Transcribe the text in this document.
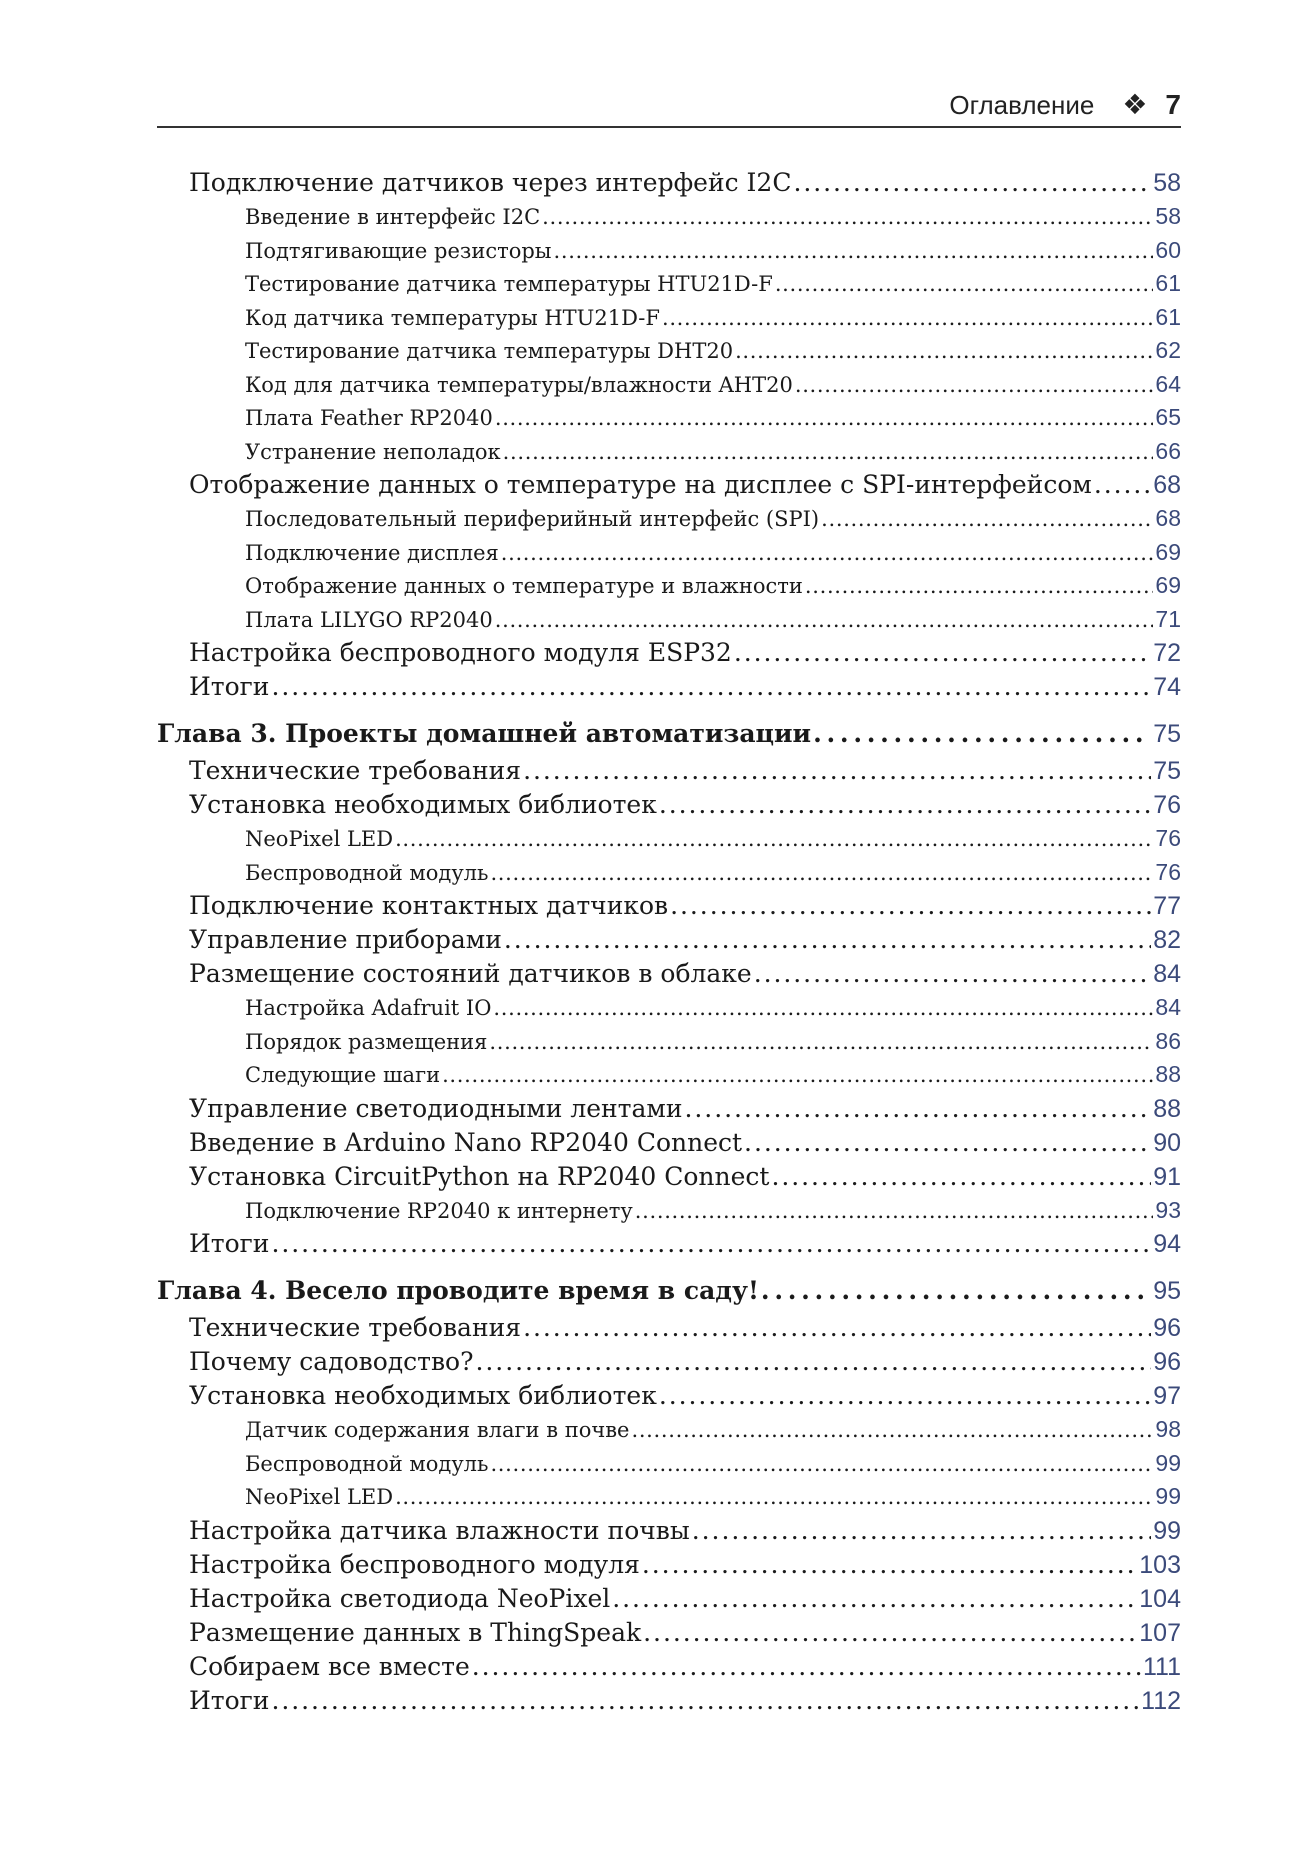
Оглавление ❖ 7
Подключение датчиков через интерфейс I2C . . .	58
Введение в интерфейс I2C . . .	58
Подтягивающие резисторы . . .	60
Тестирование датчика температуры HTU21D-F . . .	61
Код датчика температуры HTU21D-F . . .	61
Тестирование датчика температуры DHT20 . . .	62
Код для датчика температуры/влажности AHT20 . . .	64
Плата Feather RP2040 . . .	65
Устранение неполадок . . .	66
Отображение данных о температуре на дисплее с SPI-интерфейсом . . . 68
Последовательный периферийный интерфейс (SPI) . . .	68
Подключение дисплея . . .	69
Отображение данных о температуре и влажности . . .	69
Плата LILYGO RP2040 . . .	71
Настройка беспроводного модуля ESP32 . . .	72
Итоги . . .	74
Глава 3. Проекты домашней автоматизации . . .	75
Технические требования . . .	75
Установка необходимых библиотек . . .	76
NeoPixel LED . . .	76
Беспроводной модуль . . .	76
Подключение контактных датчиков . . .	77
Управление приборами . . .	82
Размещение состояний датчиков в облаке . . .	84
Настройка Adafruit IO . . .	84
Порядок размещения . . .	86
Следующие шаги . . .	88
Управление светодиодными лентами . . .	88
Введение в Arduino Nano RP2040 Connect . . .	90
Установка CircuitPython на RP2040 Connect . . .	91
Подключение RP2040 к интернету . . .	93
Итоги . . .	94
Глава 4. Весело проводите время в саду! . . .	95
Технические требования . . .	96
Почему садоводство? . . .	96
Установка необходимых библиотек . . .	97
Датчик содержания влаги в почве . . .	98
Беспроводной модуль . . .	99
NeoPixel LED . . .	99
Настройка датчика влажности почвы . . .	99
Настройка беспроводного модуля . . .	103
Настройка светодиода NeoPixel . . .	104
Размещение данных в ThingSpeak . . .	107
Собираем все вместе . . .	111
Итоги . . .	112
